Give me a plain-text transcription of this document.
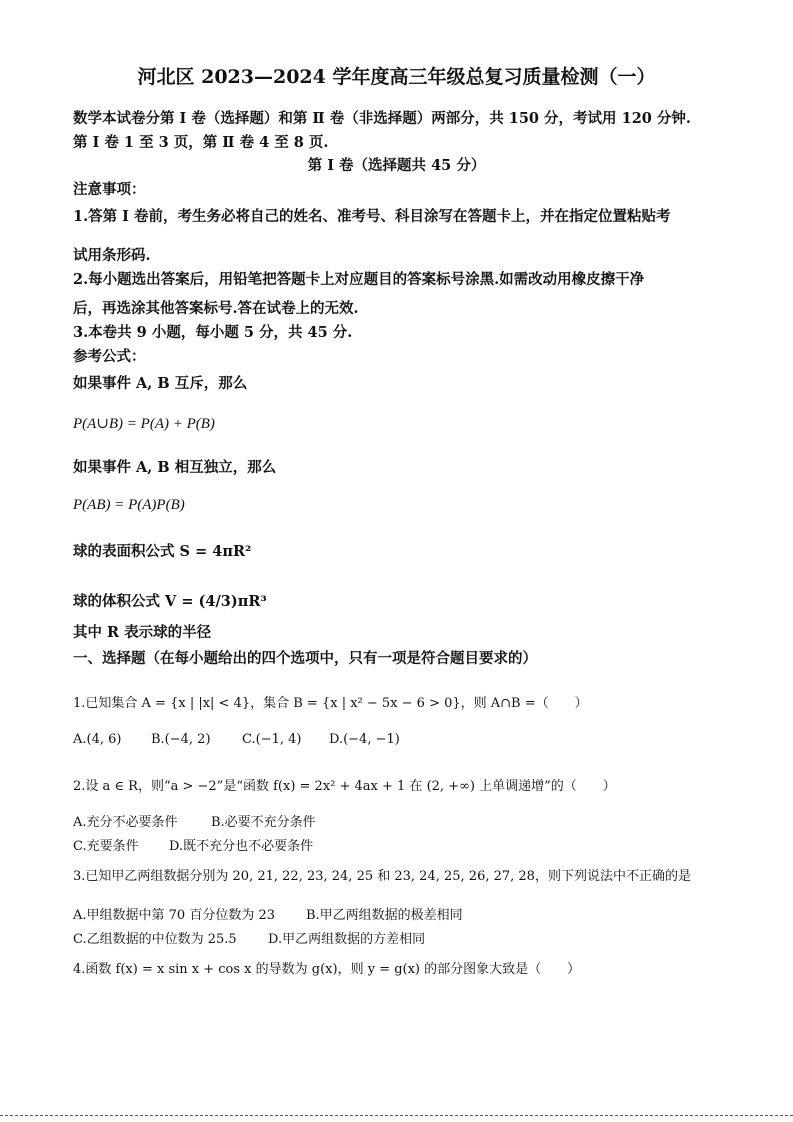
河北区 2023—2024 学年度高三年级总复习质量检测（一）
数学本试卷分第 I 卷（选择题）和第 Ⅱ 卷（非选择题）两部分，共 150 分，考试用 120 分钟.
第 I 卷 1 至 3 页，第 Ⅱ 卷 4 至 8 页.
第 I 卷（选择题共 45 分）
注意事项：
1.答第 I 卷前，考生务必将自己的姓名、准考号、科目涂写在答题卡上，并在指定位置粘贴考
试用条形码.
2.每小题选出答案后，用铅笔把答题卡上对应题目的答案标号涂黑.如需改动用橡皮擦干净
后，再选涂其他答案标号.答在试卷上的无效.
3.本卷共 9 小题，每小题 5 分，共 45 分.
参考公式：
如果事件 A, B 互斥，那么
P(A∪B) = P(A) + P(B)
如果事件 A, B 相互独立，那么
P(AB) = P(A)P(B)
球的表面积公式 S = 4πR²
球的体积公式 V = (4/3)πR³
其中 R 表示球的半径
一、选择题（在每小题给出的四个选项中，只有一项是符合题目要求的）
1.已知集合 A = {x | |x| < 4}，集合 B = {x | x² − 5x − 6 > 0}，则 A∩B =（　　）
A.(4, 6) B.(−4, 2) C.(−1, 4) D.(−4, −1)
2.设 a ∈ R，则“a > −2”是“函数 f(x) = 2x² + 4ax + 1 在 (2, +∞) 上单调递增”的（　　）
A.充分不必要条件	B.必要不充分条件
C.充要条件 D.既不充分也不必要条件
3.已知甲乙两组数据分别为 20, 21, 22, 23, 24, 25 和 23, 24, 25, 26, 27, 28，则下列说法中不正确的是
A.甲组数据中第 70 百分位数为 23 B.甲乙两组数据的极差相同
C.乙组数据的中位数为 25.5 D.甲乙两组数据的方差相同
4.函数 f(x) = x sin x + cos x 的导数为 g(x)，则 y = g(x) 的部分图象大致是（　　）
